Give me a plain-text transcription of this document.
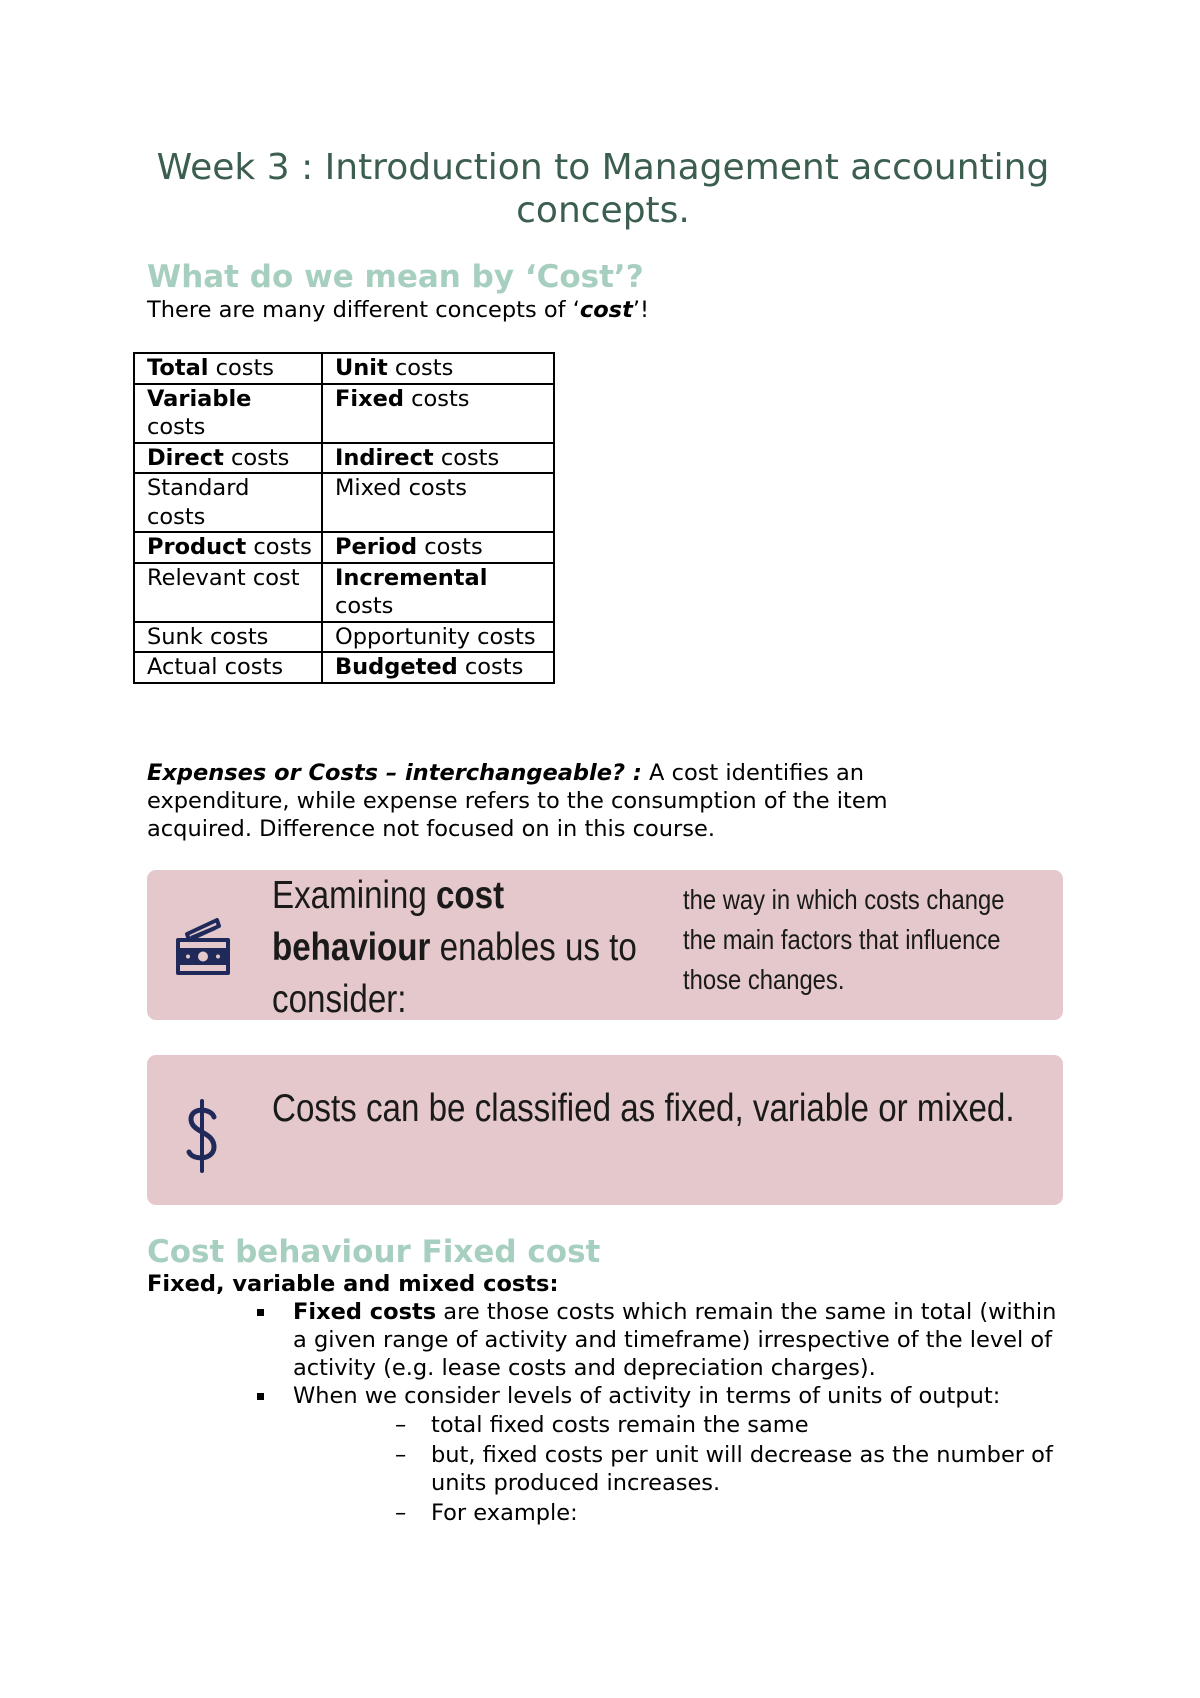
Week 3 : Introduction to Management accounting
concepts.
What do we mean by ‘Cost’?

There are many different concepts of ‘cost’!

Total costs	Unit costs
Variable costs	Fixed costs
Direct costs	Indirect costs
Standard costs	Mixed costs
Product costs	Period costs
Relevant cost	Incremental costs
Sunk costs	Opportunity costs
Actual costs	Budgeted costs

Expenses or Costs – interchangeable? : A cost identifies an expenditure, while expense refers to the consumption of the item acquired. Difference not focused on in this course.

Examining cost
behaviour enables us to
consider:
the way in which costs change
the main factors that influence
those changes.
Costs can be classified as fixed, variable or mixed.
Cost behaviour Fixed cost

Fixed, variable and mixed costs:

Fixed costs are those costs which remain the same in total (within a given range of activity and timeframe) irrespective of the level of activity (e.g. lease costs and depreciation charges).
When we consider levels of activity in terms of units of output:
– total fixed costs remain the same
– but, fixed costs per unit will decrease as the number of units produced increases.
– For example:
